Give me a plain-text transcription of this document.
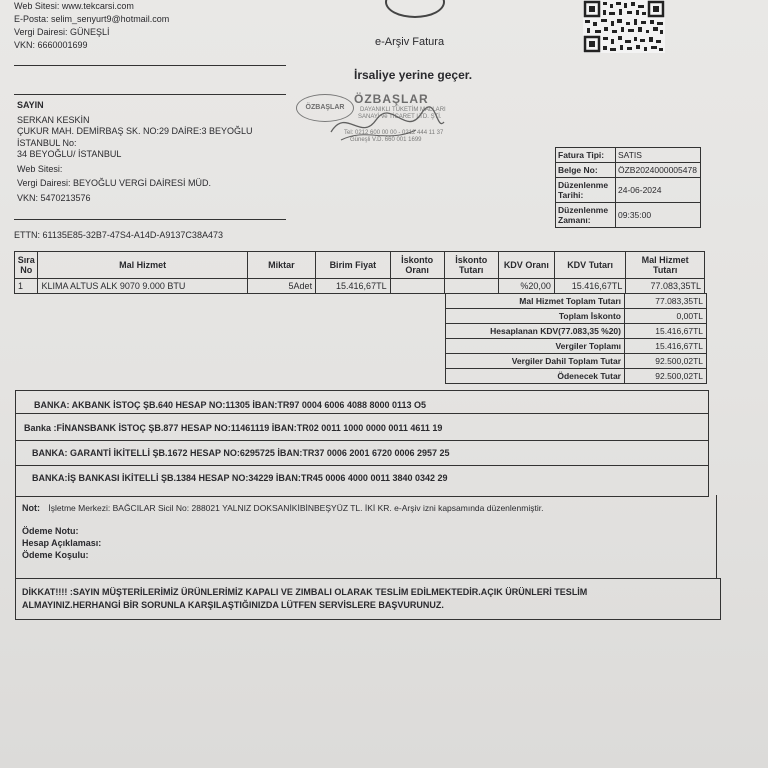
Web Sitesi: www.tekcarsi.com
E-Posta: selim_senyurt9@hotmail.com
Vergi Dairesi: GÜNEŞLİ
VKN: 6660001699	e-Arşiv Fatura
İrsaliye yerine geçer.
ÖZBAŞLAR
ÖZBAŞLAR
DAYANIKLI TÜKETİM MALLARI
SANAYİ ve TİCARET LTD. ŞTİ.
Tel: 0212 600 00 00 - 0212 444 11 37
Güneşli V.D. 660 001 1699
SAYIN
SERKAN KESKİN
ÇUKUR MAH. DEMİRBAŞ SK. NO:29 DAİRE:3 BEYOĞLU
İSTANBUL No:
34 BEYOĞLU/ İSTANBUL
Web Sitesi:
Vergi Dairesi: BEYOĞLU VERGİ DAİRESİ MÜD.
VKN: 5470213576
ETTN: 61135E85-32B7-47S4-A14D-A9137C38A473
Fatura Tipi:	SATIS
Belge No:	ÖZB2024000005478
Düzenlenme Tarihi:	24-06-2024
Düzenlenme Zamanı:	09:35:00
Sıra No	Mal Hizmet	Miktar	Birim Fiyat	İskonto Oranı	İskonto Tutarı	KDV Oranı	KDV Tutarı	Mal Hizmet Tutarı
1	KLIMA ALTUS ALK 9070 9.000 BTU	5Adet	15.416,67TL			%20,00	15.416,67TL	77.083,35TL
Mal Hizmet Toplam Tutarı	77.083,35TL
Toplam İskonto	0,00TL
Hesaplanan KDV(77.083,35 %20)	15.416,67TL
Vergiler Toplamı	15.416,67TL
Vergiler Dahil Toplam Tutar	92.500,02TL
Ödenecek Tutar	92.500,02TL
BANKA: AKBANK İSTOÇ ŞB.640 HESAP NO:11305 İBAN:TR97 0004 6006 4088 8000 0113 O5
Banka :FİNANSBANK İSTOÇ ŞB.877 HESAP NO:11461119 İBAN:TR02 0011 1000 0000 0011 4611 19
BANKA: GARANTİ İKİTELLİ ŞB.1672 HESAP NO:6295725 İBAN:TR37 0006 2001 6720 0006 2957 25
BANKA:İŞ BANKASI İKİTELLİ ŞB.1384 HESAP NO:34229 İBAN:TR45 0006 4000 0011 3840 0342 29
Not: İşletme Merkezi: BAĞCILAR Sicil No: 288021 YALNIZ DOKSANİKİBİNBEŞYÜZ TL. İKİ KR. e-Arşiv izni kapsamında düzenlenmiştir.
Ödeme Notu:
Hesap Açıklaması:
Ödeme Koşulu:
DİKKAT!!!! :SAYIN MÜŞTERİLERİMİZ ÜRÜNLERİMİZ KAPALI VE ZIMBALI OLARAK TESLİM EDİLMEKTEDİR.AÇIK ÜRÜNLERİ TESLİM
ALMAYINIZ.HERHANGİ BİR SORUNLA KARŞILAŞTIĞINIZDA LÜTFEN SERVİSLERE BAŞVURUNUZ.
